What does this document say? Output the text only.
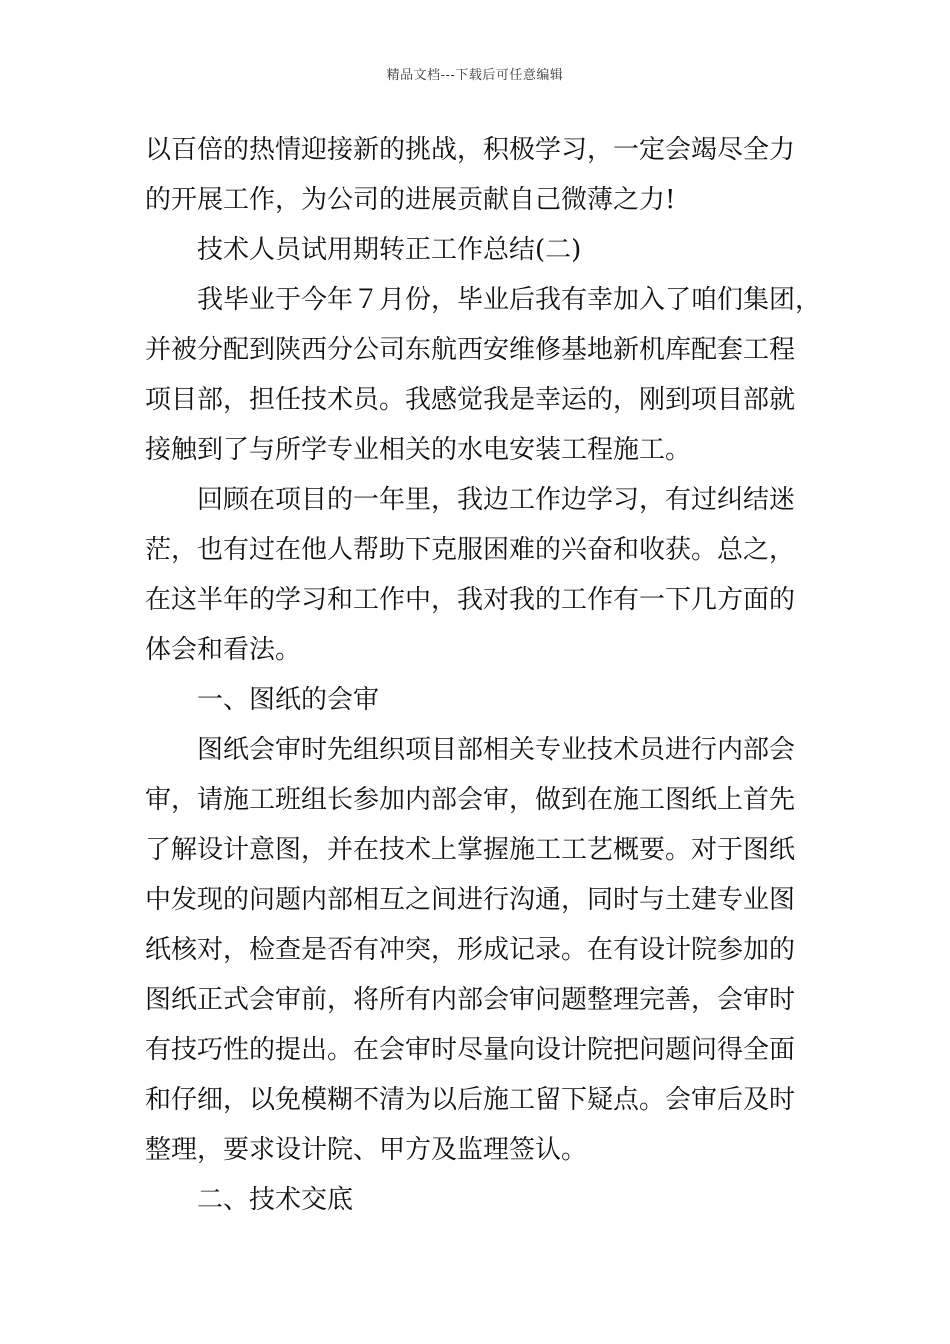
精品文档---下载后可任意编辑
以百倍的热情迎接新的挑战，积极学习，一定会竭尽全力
的开展工作，为公司的进展贡献自己微薄之力!
技术人员试用期转正工作总结(二)
我毕业于今年７月份，毕业后我有幸加入了咱们集团，
并被分配到陕西分公司东航西安维修基地新机库配套工程
项目部，担任技术员。我感觉我是幸运的，刚到项目部就
接触到了与所学专业相关的水电安装工程施工。
回顾在项目的一年里，我边工作边学习，有过纠结迷
茫，也有过在他人帮助下克服困难的兴奋和收获。总之，
在这半年的学习和工作中，我对我的工作有一下几方面的
体会和看法。
一、图纸的会审
图纸会审时先组织项目部相关专业技术员进行内部会
审，请施工班组长参加内部会审，做到在施工图纸上首先
了解设计意图，并在技术上掌握施工工艺概要。对于图纸
中发现的问题内部相互之间进行沟通，同时与土建专业图
纸核对，检查是否有冲突，形成记录。在有设计院参加的
图纸正式会审前，将所有内部会审问题整理完善，会审时
有技巧性的提出。在会审时尽量向设计院把问题问得全面
和仔细，以免模糊不清为以后施工留下疑点。会审后及时
整理，要求设计院、甲方及监理签认。
二、技术交底
